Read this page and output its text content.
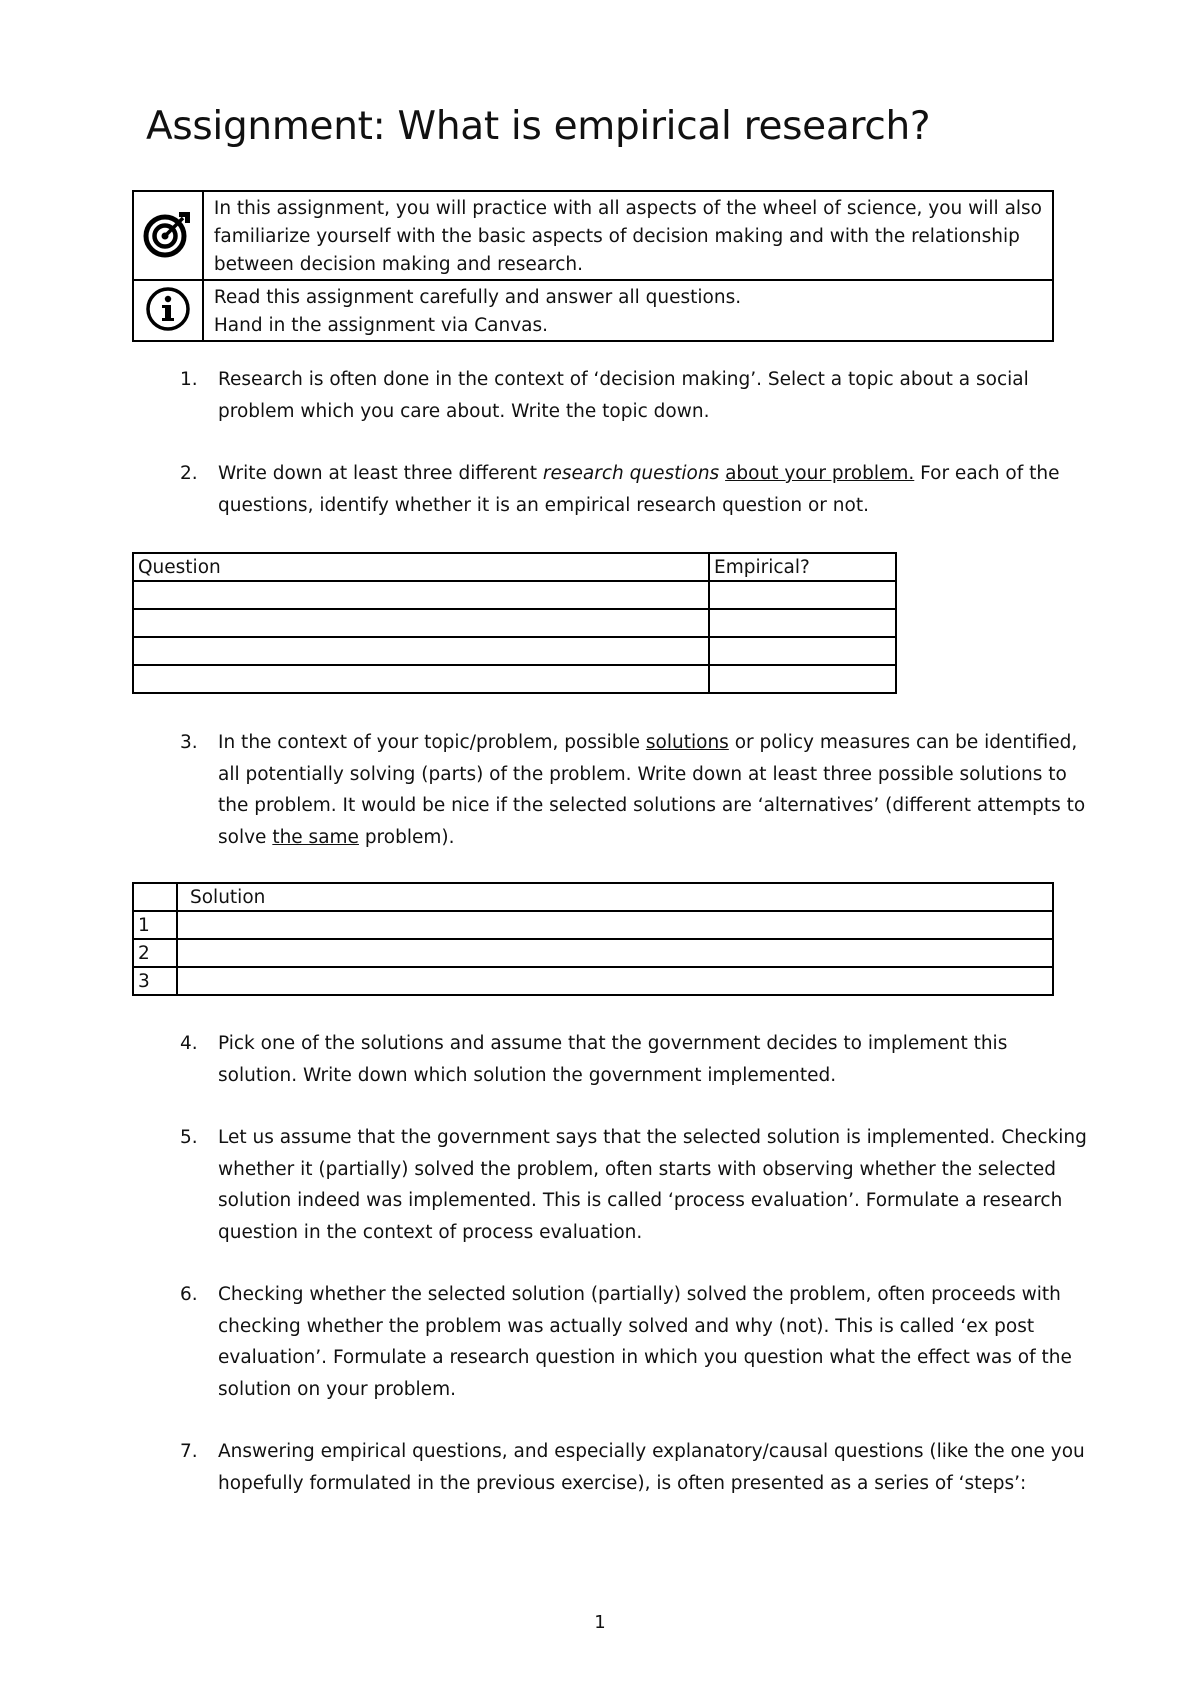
Assignment: What is empirical research?

In this assignment, you will practice with all aspects of the wheel of science, you will also
familiarize yourself with the basic aspects of decision making and with the relationship
between decision making and research.

Read this assignment carefully and answer all questions.
Hand in the assignment via Canvas.
1. Research is often done in the context of ‘decision making’. Select a topic about a social
problem which you care about. Write the topic down.
2. Write down at least three different research questions about your problem. For each of the
questions, identify whether it is an empirical research question or not.
Question	Empirical?

3. In the context of your topic/problem, possible solutions or policy measures can be identified,
all potentially solving (parts) of the problem. Write down at least three possible solutions to
the problem. It would be nice if the selected solutions are ‘alternatives’ (different attempts to
solve the same problem).
	Solution
1	
2	
3	
4. Pick one of the solutions and assume that the government decides to implement this
solution. Write down which solution the government implemented.
5. Let us assume that the government says that the selected solution is implemented. Checking
whether it (partially) solved the problem, often starts with observing whether the selected
solution indeed was implemented. This is called ‘process evaluation’. Formulate a research
question in the context of process evaluation.
6. Checking whether the selected solution (partially) solved the problem, often proceeds with
checking whether the problem was actually solved and why (not). This is called ‘ex post
evaluation’. Formulate a research question in which you question what the effect was of the
solution on your problem.
7. Answering empirical questions, and especially explanatory/causal questions (like the one you
hopefully formulated in the previous exercise), is often presented as a series of ‘steps’:
1
